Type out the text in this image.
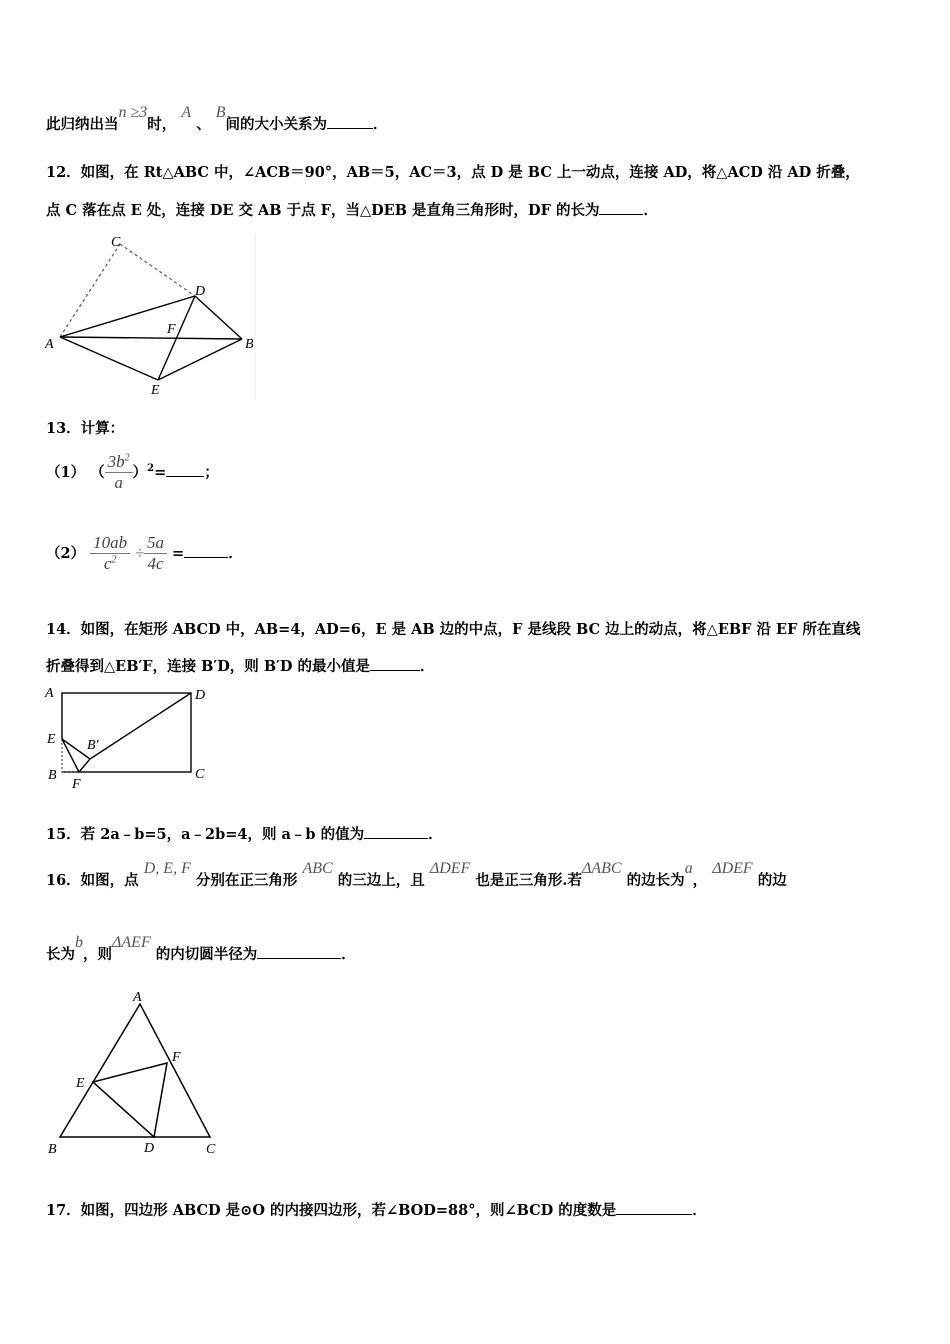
此归纳出当n ≥3时， A 、 B间的大小关系为	．
12．如图，在 Rt△ABC 中，∠ACB＝90°，AB＝5，AC＝3，点 D 是 BC 上一动点，连接 AD，将△ACD 沿 AD 折叠，
点 C 落在点 E 处，连接 DE 交 AB 于点 F，当△DEB 是直角三角形时，DF 的长为	．
A	B
C
D
E
F
13．计算：
（1） （ $\frac{3b^2}{a} )^2=$	；
$(2) \frac{10ab}{c^2} \div \frac{5a}{4c}$ =	．
14．如图，在矩形 ABCD 中，AB=4，AD=6，E 是 AB 边的中点，F 是线段 BC 边上的动点，将△EBF 沿 EF 所在直线
折叠得到△EB′F，连接 B′D，则 B′D 的最小值是	．
A
B	C
D
E
F
B′
15．若 2a﹣b=5，a﹣2b=4，则 a﹣b 的值为	．
16．如图，点 D, E, F 分别在正三角形 ABC 的三边上，且 ΔDEF 也是正三角形.若ΔABC 的边长为a， ΔDEF 的边
长为b，则ΔAEF 的内切圆半径为	．
A
B	C
D
E
F
17．如图，四边形 ABCD 是⊙O 的内接四边形，若∠BOD=88°，则∠BCD 的度数是	．
